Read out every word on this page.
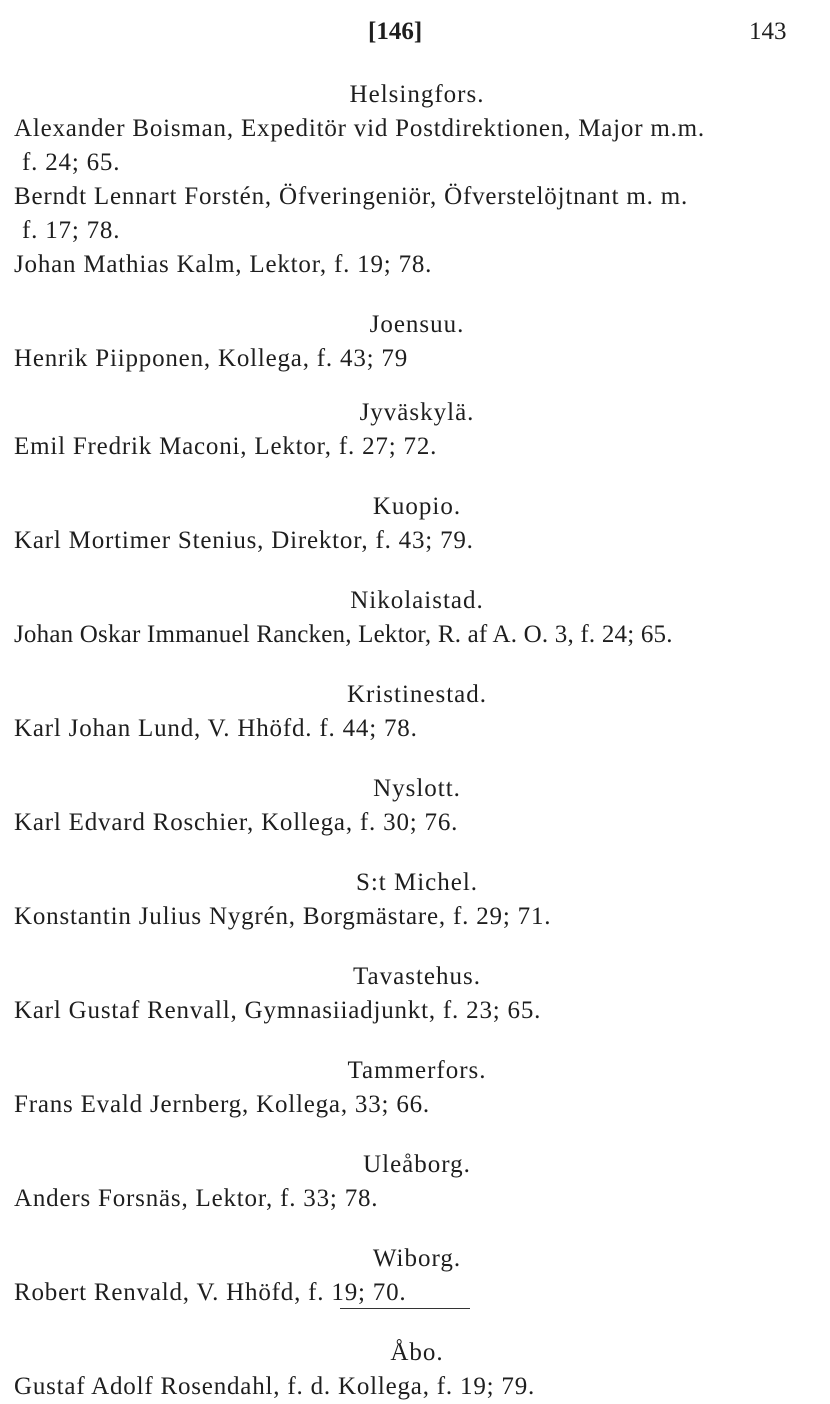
[146]	143

Helsingfors.

Alexander Boisman, Expeditör vid Postdirektionen, Major m.m.
f. 24; 65.

Berndt Lennart Forstén, Öfveringeniör, Öfverstelöjtnant m. m.
f. 17; 78.

Johan Mathias Kalm, Lektor, f. 19; 78.

Joensuu.

Henrik Piipponen, Kollega, f. 43; 79

Jyväskylä.

Emil Fredrik Maconi, Lektor, f. 27; 72.

Kuopio.

Karl Mortimer Stenius, Direktor, f. 43; 79.

Nikolaistad.

Johan Oskar Immanuel Rancken, Lektor, R. af A. O. 3, f. 24; 65.

Kristinestad.

Karl Johan Lund, V. Hhöfd. f. 44; 78.

Nyslott.

Karl Edvard Roschier, Kollega, f. 30; 76.

S:t Michel.

Konstantin Julius Nygrén, Borgmästare, f. 29; 71.

Tavastehus.

Karl Gustaf Renvall, Gymnasiiadjunkt, f. 23; 65.

Tammerfors.

Frans Evald Jernberg, Kollega, 33; 66.

Uleåborg.

Anders Forsnäs, Lektor, f. 33; 78.

Wiborg.

Robert Renvald, V. Hhöfd, f. 19; 70.

Åbo.

Gustaf Adolf Rosendahl, f. d. Kollega, f. 19; 79.
